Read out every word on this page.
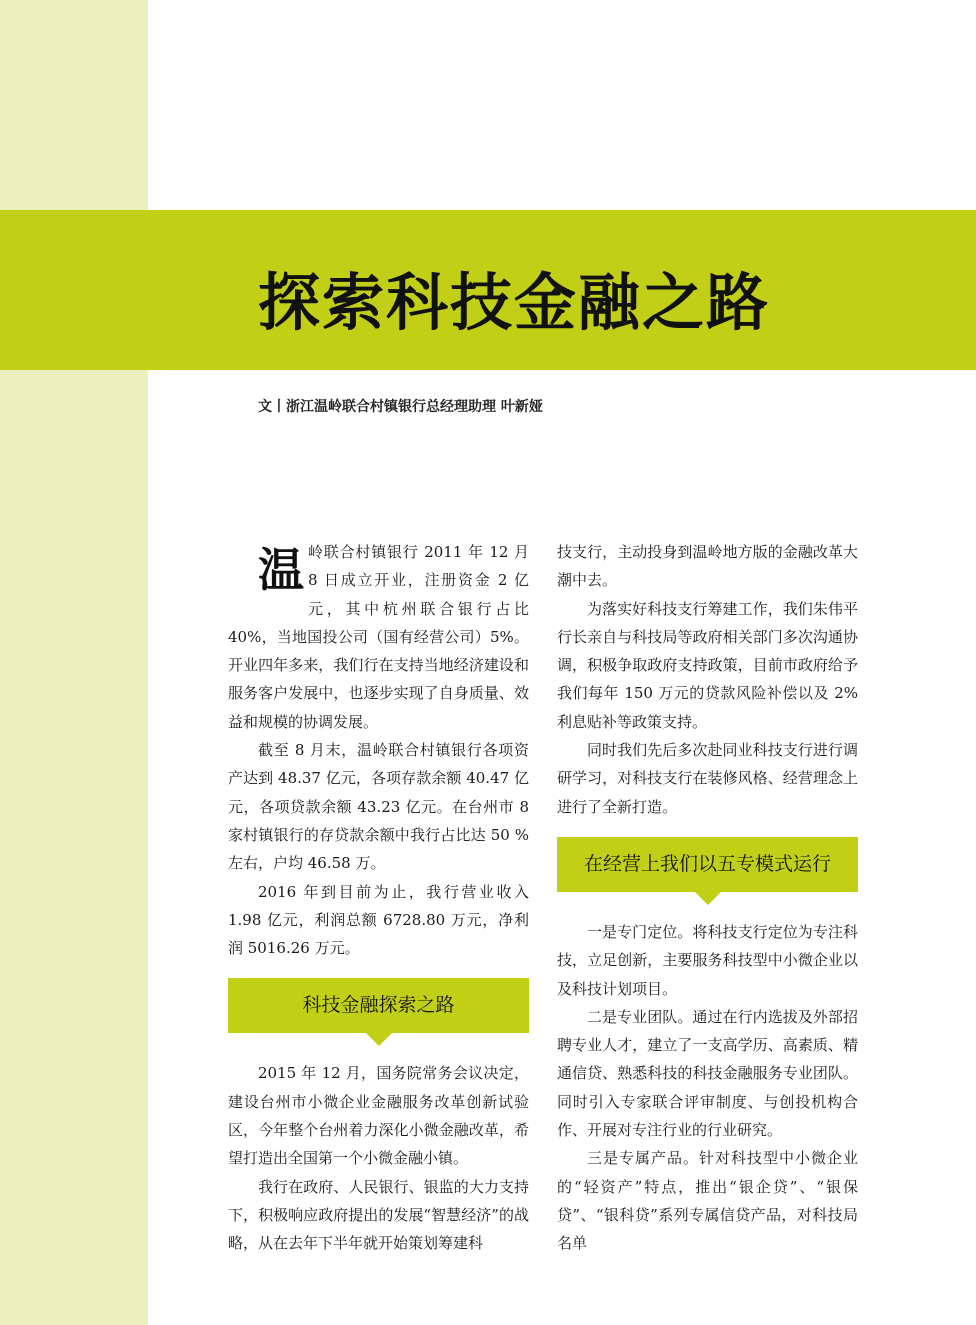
探索科技金融之路
文丨浙江温岭联合村镇银行总经理助理 叶新娅

温岭联合村镇银行 2011 年 12 月 8 日成立开业，注册资金 2 亿元，其中杭州联合银行占比 40%，当地国投公司（国有经营公司）5%。开业四年多来，我们行在支持当地经济建设和服务客户发展中，也逐步实现了自身质量、效益和规模的协调发展。

截至 8 月末，温岭联合村镇银行各项资产达到 48.37 亿元，各项存款余额 40.47 亿元，各项贷款余额 43.23 亿元。在台州市 8 家村镇银行的存贷款余额中我行占比达 50 % 左右，户均 46.58 万。

2016 年到目前为止，我行营业收入 1.98 亿元，利润总额 6728.80 万元，净利润 5016.26 万元。

科技金融探索之路

2015 年 12 月，国务院常务会议决定，建设台州市小微企业金融服务改革创新试验区，今年整个台州着力深化小微金融改革，希望打造出全国第一个小微金融小镇。

我行在政府、人民银行、银监的大力支持下，积极响应政府提出的发展“智慧经济”的战略，从在去年下半年就开始策划筹建科

技支行，主动投身到温岭地方版的金融改革大潮中去。

为落实好科技支行筹建工作，我们朱伟平行长亲自与科技局等政府相关部门多次沟通协调，积极争取政府支持政策，目前市政府给予我们每年 150 万元的贷款风险补偿以及 2% 利息贴补等政策支持。

同时我们先后多次赴同业科技支行进行调研学习，对科技支行在装修风格、经营理念上进行了全新打造。

在经营上我们以五专模式运行

一是专门定位。将科技支行定位为专注科技，立足创新，主要服务科技型中小微企业以及科技计划项目。

二是专业团队。通过在行内选拔及外部招聘专业人才，建立了一支高学历、高素质、精通信贷、熟悉科技的科技金融服务专业团队。同时引入专家联合评审制度、与创投机构合作、开展对专注行业的行业研究。

三是专属产品。针对科技型中小微企业的“轻资产”特点，推出“银企贷”、“银保贷”、“银科贷”系列专属信贷产品，对科技局名单
